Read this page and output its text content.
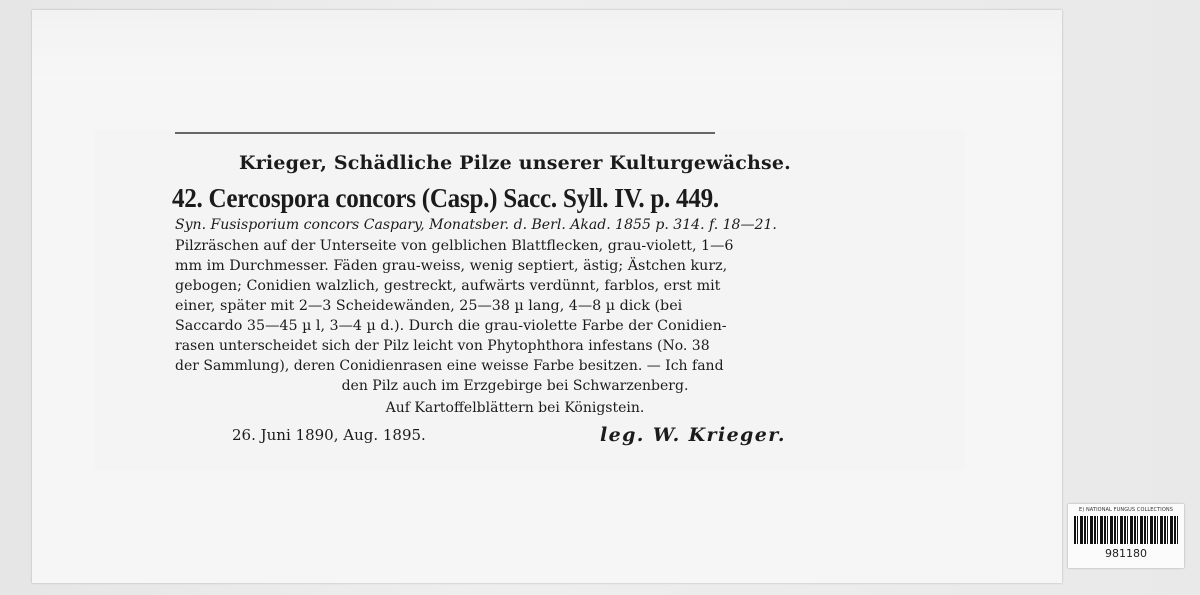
Krieger, Schädliche Pilze unserer Kulturgewächse.
42. Cercospora concors (Casp.) Sacc. Syll. IV. p. 449.
Syn. Fusisporium concors Caspary, Monatsber. d. Berl. Akad. 1855 p. 314. f. 18—21.
Pilzräschen auf der Unterseite von gelblichen Blattflecken, grau-violett, 1—6
mm im Durchmesser. Fäden grau-weiss, wenig septiert, ästig; Ästchen kurz,
gebogen; Conidien walzlich, gestreckt, aufwärts verdünnt, farblos, erst mit
einer, später mit 2—3 Scheidewänden, 25—38 µ lang, 4—8 µ dick (bei
Saccardo 35—45 µ l, 3—4 µ d.). Durch die grau-violette Farbe der Conidien-
rasen unterscheidet sich der Pilz leicht von Phytophthora infestans (No. 38
der Sammlung), deren Conidienrasen eine weisse Farbe besitzen. — Ich fand
den Pilz auch im Erzgebirge bei Schwarzenberg.
Auf Kartoffelblättern bei Königstein.
26. Juni 1890, Aug. 1895.	leg. W. Krieger.
E) NATIONAL FUNGUS COLLECTIONS
981180
